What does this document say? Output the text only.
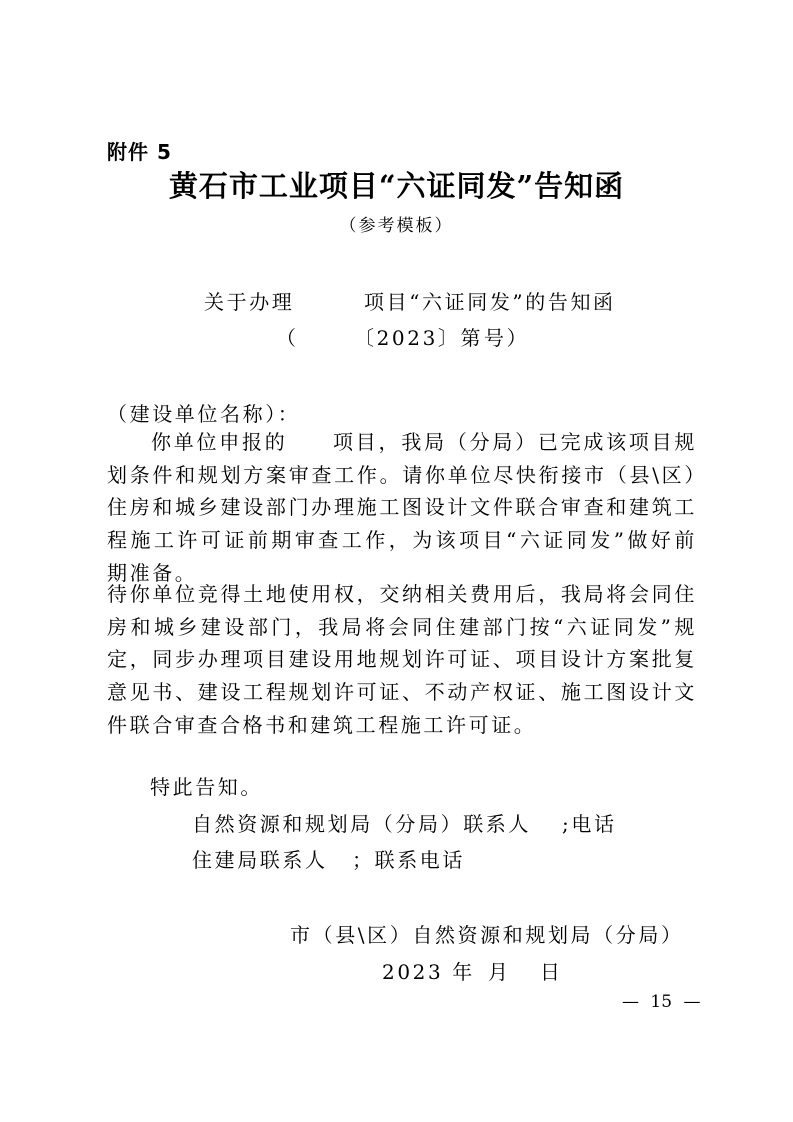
附件 5
黄石市工业项目“六证同发”告知函
（参考模板）
关于办理	项目“六证同发”的告知函
（	〔2023〕第 号）
（建设单位名称）：
你单位申报的　　项目，我局（分局）已完成该项目规划条件和规划方案审查工作。请你单位尽快衔接市（县\区）住房和城乡建设部门办理施工图设计文件联合审查和建筑工程施工许可证前期审查工作，为该项目“六证同发”做好前期准备。
待你单位竞得土地使用权，交纳相关费用后，我局将会同住房和城乡建设部门，我局将会同住建部门按“六证同发”规定，同步办理项目建设用地规划许可证、项目设计方案批复意见书、建设工程规划许可证、不动产权证、施工图设计文件联合审查合格书和建筑工程施工许可证。
特此告知。
自然资源和规划局（分局）联系人 ;电话
住建局联系人 ；联系电话
市（县\区）自然资源和规划局（分局）
2023 年 月 日
— 15 —
